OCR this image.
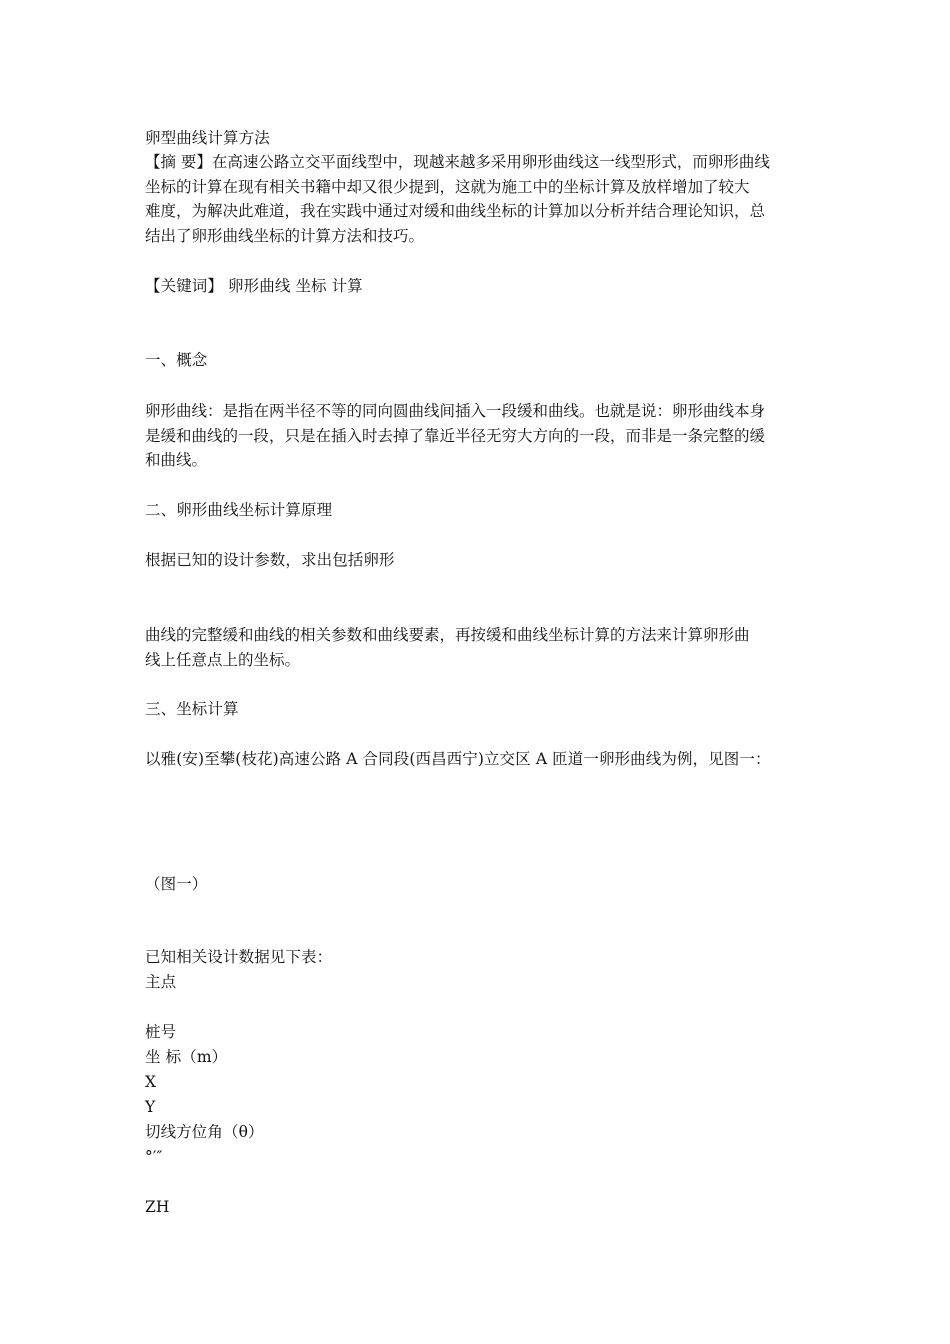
卵型曲线计算方法
【摘 要】在高速公路立交平面线型中，现越来越多采用卵形曲线这一线型形式，而卵形曲线
坐标的计算在现有相关书籍中却又很少提到，这就为施工中的坐标计算及放样增加了较大
难度，为解决此难道，我在实践中通过对缓和曲线坐标的计算加以分析并结合理论知识，总
结出了卵形曲线坐标的计算方法和技巧。
【关键词】 卵形曲线 坐标 计算
一、概念
卵形曲线：是指在两半径不等的同向圆曲线间插入一段缓和曲线。也就是说：卵形曲线本身
是缓和曲线的一段，只是在插入时去掉了靠近半径无穷大方向的一段，而非是一条完整的缓
和曲线。
二、卵形曲线坐标计算原理
根据已知的设计参数，求出包括卵形
曲线的完整缓和曲线的相关参数和曲线要素，再按缓和曲线坐标计算的方法来计算卵形曲
线上任意点上的坐标。
三、坐标计算
以雅(安)至攀(枝花)高速公路 A 合同段(西昌西宁)立交区 A 匝道一卵形曲线为例，见图一：
（图一）
已知相关设计数据见下表：
主点
桩号
坐 标（m）
X
Y
切线方位角（θ）
°′″
ZH
